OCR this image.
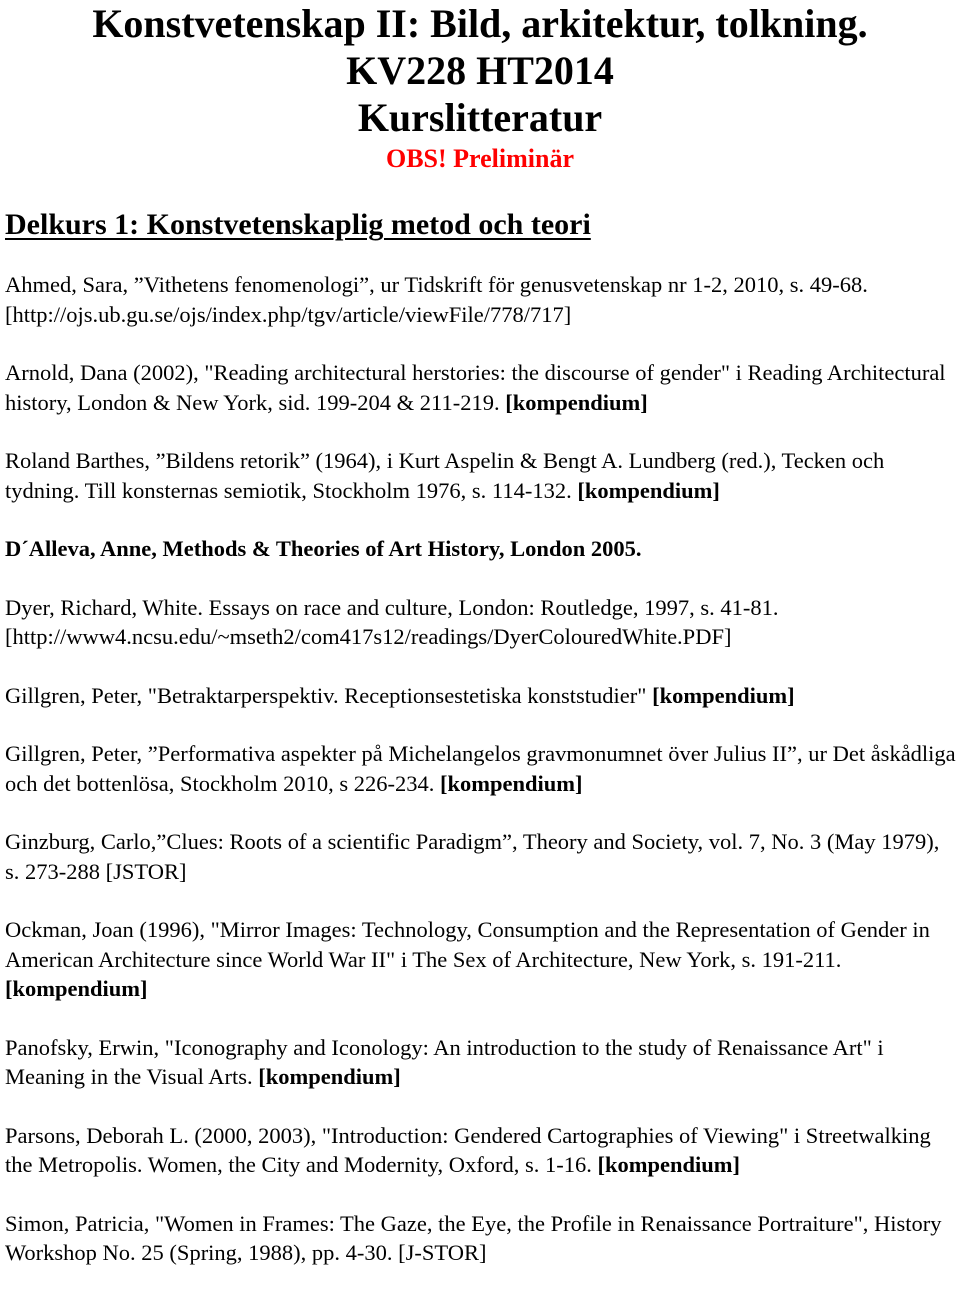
Konstvetenskap II: Bild, arkitektur, tolkning.
KV228 HT2014
Kurslitteratur
OBS! Preliminär
Delkurs 1: Konstvetenskaplig metod och teori

Ahmed, Sara, ”Vithetens fenomenologi”, ur Tidskrift för genusvetenskap nr 1-2, 2010, s. 49-68. [http://ojs.ub.gu.se/ojs/index.php/tgv/article/viewFile/778/717]

Arnold, Dana (2002), "Reading architectural herstories: the discourse of gender" i Reading Architectural history, London & New York, sid. 199-204 & 211-219. [kompendium]

Roland Barthes, ”Bildens retorik” (1964), i Kurt Aspelin & Bengt A. Lundberg (red.), Tecken och tydning. Till konsternas semiotik, Stockholm 1976, s. 114-132. [kompendium]

D´Alleva, Anne, Methods & Theories of Art History, London 2005.

Dyer, Richard, White. Essays on race and culture, London: Routledge, 1997, s. 41-81. [http://www4.ncsu.edu/~mseth2/com417s12/readings/DyerColouredWhite.PDF]

Gillgren, Peter, "Betraktarperspektiv. Receptionsestetiska konststudier" [kompendium]

Gillgren, Peter, ”Performativa aspekter på Michelangelos gravmonumnet över Julius II”, ur Det åskådliga och det bottenlösa, Stockholm 2010, s 226-234. [kompendium]

Ginzburg, Carlo,”Clues: Roots of a scientific Paradigm”, Theory and Society, vol. 7, No. 3 (May 1979), s. 273-288 [JSTOR]

Ockman, Joan (1996), "Mirror Images: Technology, Consumption and the Representation of Gender in American Architecture since World War II" i The Sex of Architecture, New York, s. 191-211. [kompendium]

Panofsky, Erwin, "Iconography and Iconology: An introduction to the study of Renaissance Art" i Meaning in the Visual Arts. [kompendium]

Parsons, Deborah L. (2000, 2003), "Introduction: Gendered Cartographies of Viewing" i Streetwalking the Metropolis. Women, the City and Modernity, Oxford, s. 1-16. [kompendium]

Simon, Patricia, "Women in Frames: The Gaze, the Eye, the Profile in Renaissance Portraiture", History Workshop No. 25 (Spring, 1988), pp. 4-30. [J-STOR]
